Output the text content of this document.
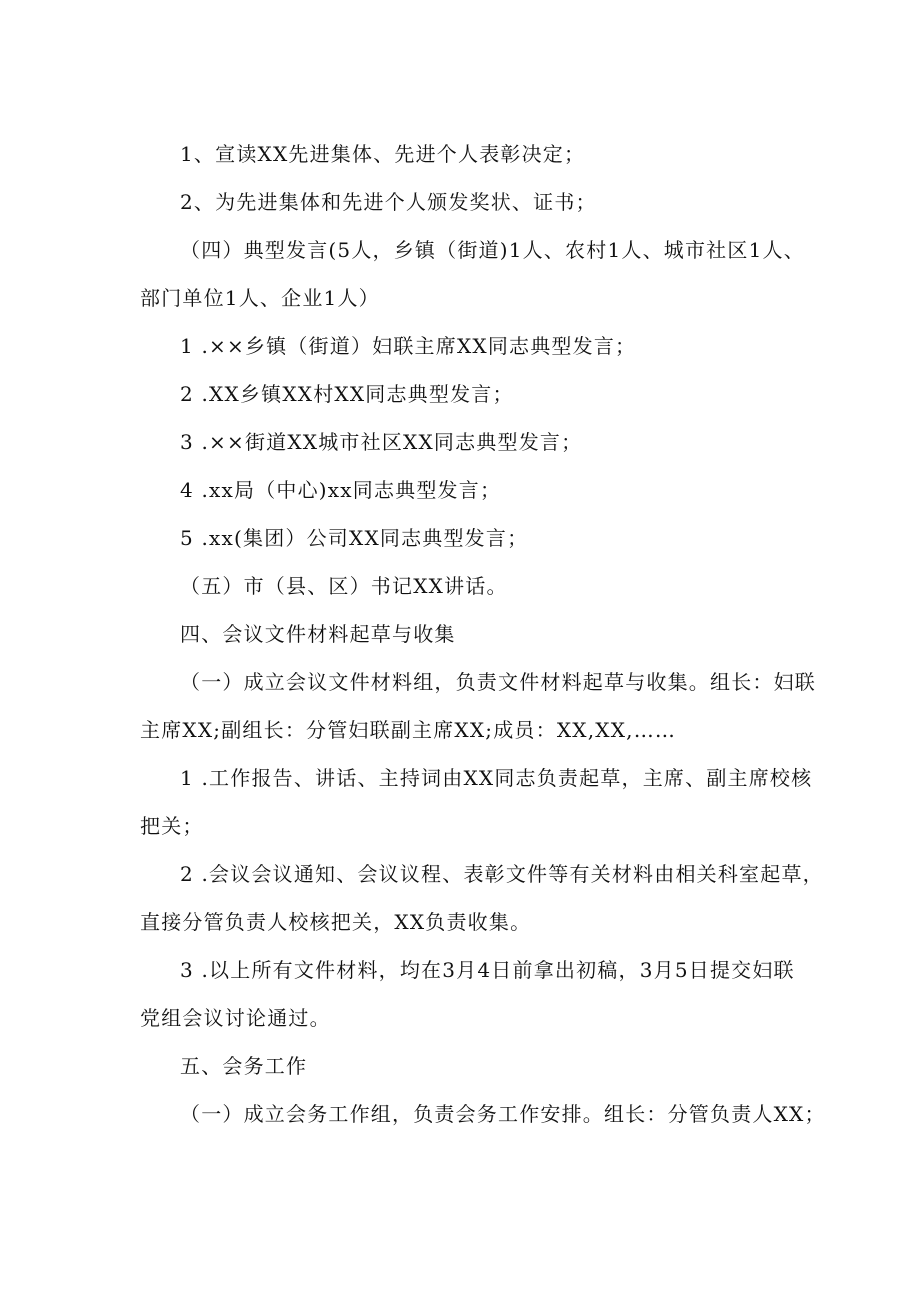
1、宣读XX先进集体、先进个人表彰决定；
2、为先进集体和先进个人颁发奖状、证书；
（四）典型发言(5人，乡镇（街道)1人、农村1人、城市社区1人、
部门单位1人、企业1人）
1 .××乡镇（街道）妇联主席XX同志典型发言；
2 .XX乡镇XX村XX同志典型发言；
3 .××街道XX城市社区XX同志典型发言；
4 .xx局（中心)xx同志典型发言；
5 .xx(集团）公司XX同志典型发言；
（五）市（县、区）书记XX讲话。
四、会议文件材料起草与收集
（一）成立会议文件材料组，负责文件材料起草与收集。组长：妇联
主席XX;副组长：分管妇联副主席XX;成员：XX,XX,……
1 .工作报告、讲话、主持词由XX同志负责起草，主席、副主席校核
把关；
2 .会议会议通知、会议议程、表彰文件等有关材料由相关科室起草，
直接分管负责人校核把关，XX负责收集。
3 .以上所有文件材料，均在3月4日前拿出初稿，3月5日提交妇联
党组会议讨论通过。
五、会务工作
（一）成立会务工作组，负责会务工作安排。组长：分管负责人XX；
